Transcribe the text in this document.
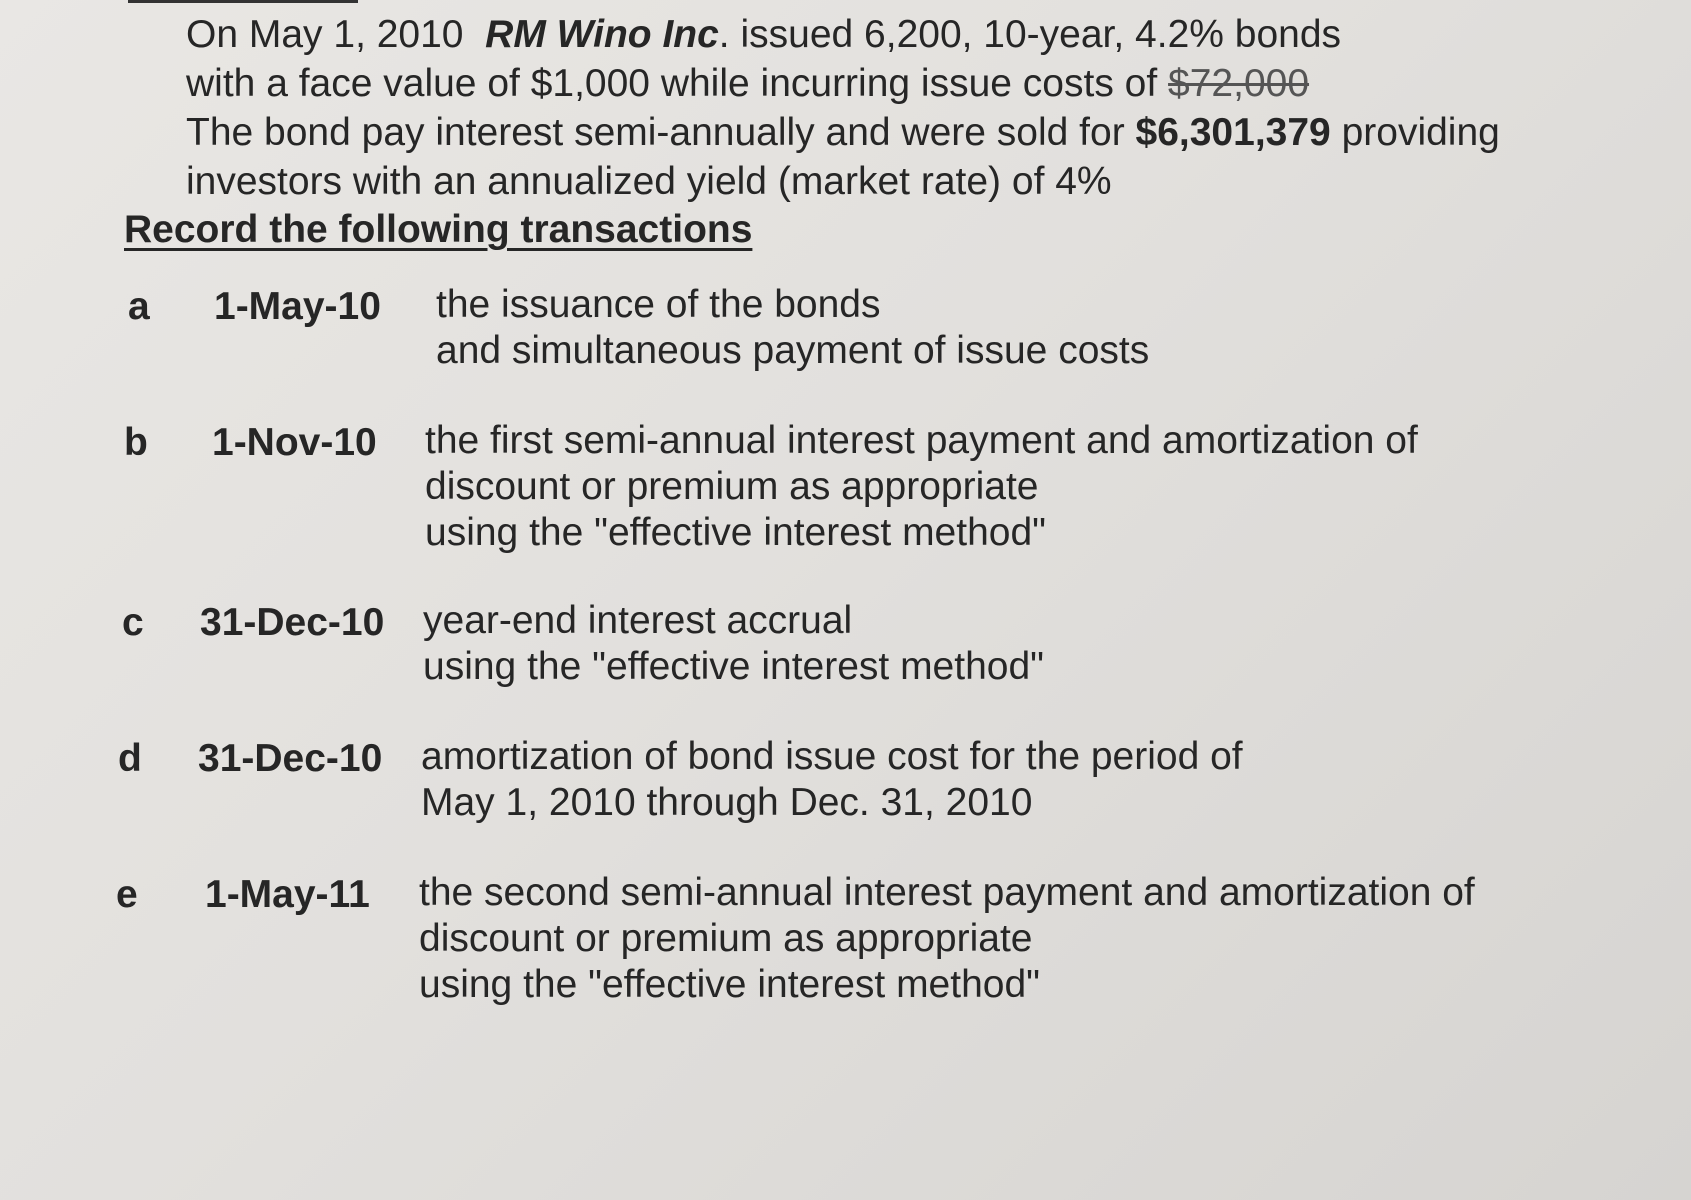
On May 1, 2010 RM Wino Inc. issued 6,200, 10-year, 4.2% bonds
with a face value of $1,000 while incurring issue costs of $72,000
The bond pay interest semi-annually and were sold for $6,301,379 providing
investors with an annualized yield (market rate) of 4%
Record the following transactions
a 1-May-10 the issuance of the bonds
and simultaneous payment of issue costs
b 1-Nov-10 the first semi-annual interest payment and amortization of
discount or premium as appropriate
using the "effective interest method"
c 31-Dec-10 year-end interest accrual
using the "effective interest method"
d 31-Dec-10 amortization of bond issue cost for the period of
May 1, 2010 through Dec. 31, 2010
e 1-May-11 the second semi-annual interest payment and amortization of
discount or premium as appropriate
using the "effective interest method"
